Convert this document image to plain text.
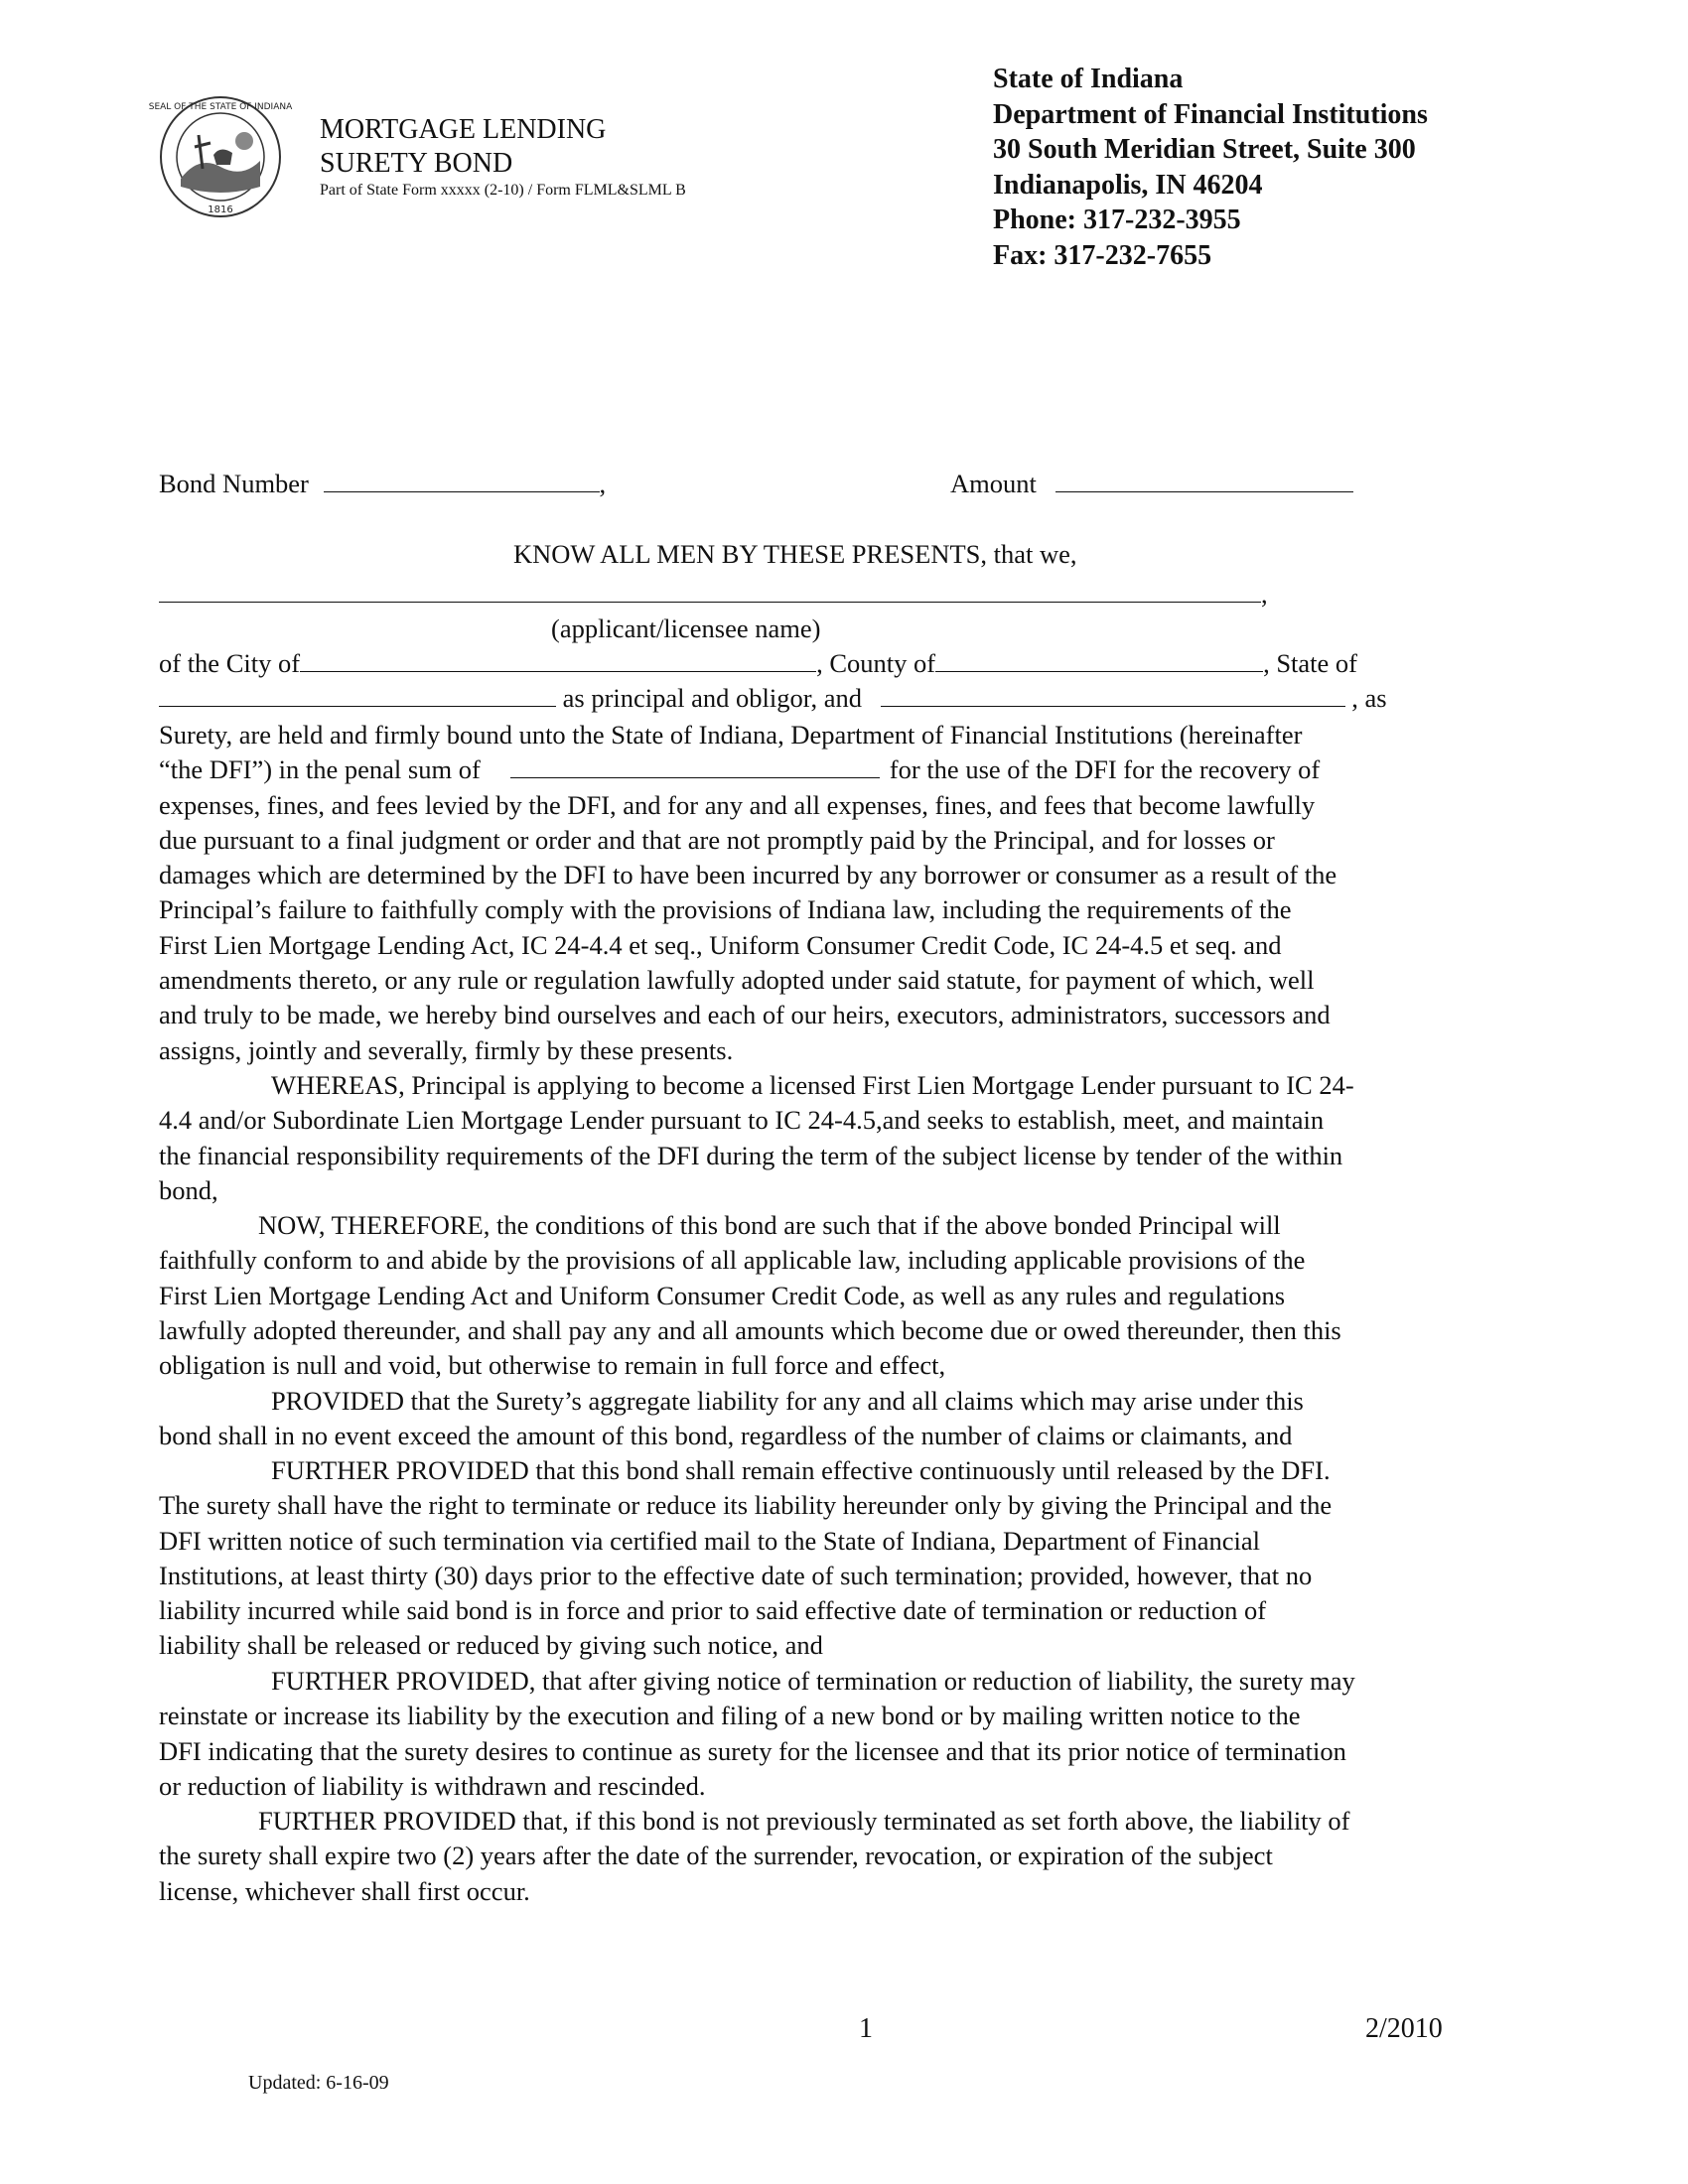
SEAL OF THE STATE OF INDIANA
1816
MORTGAGE LENDING
SURETY BOND
Part of State Form xxxxx (2-10) / Form FLML&SLML B
State of Indiana
Department of Financial Institutions
30 South Meridian Street, Suite 300
Indianapolis, IN 46204
Phone: 317-232-3955
Fax: 317-232-7655
Bond Number	,	Amount
KNOW ALL MEN BY THESE PRESENTS, that we,
,
(applicant/licensee name)
of the City of	, County of	, State of
as principal and obligor, and	, as
Surety, are held and firmly bound unto the State of Indiana, Department of Financial Institutions (hereinafter
“the DFI”) in the penal sum of	for the use of the DFI for the recovery of
expenses, fines, and fees levied by the DFI, and for any and all expenses, fines, and fees that become lawfully
due pursuant to a final judgment or order and that are not promptly paid by the Principal, and for losses or
damages which are determined by the DFI to have been incurred by any borrower or consumer as a result of the
Principal’s failure to faithfully comply with the provisions of Indiana law, including the requirements of the
First Lien Mortgage Lending Act, IC 24-4.4 et seq., Uniform Consumer Credit Code, IC 24-4.5 et seq. and
amendments thereto, or any rule or regulation lawfully adopted under said statute, for payment of which, well
and truly to be made, we hereby bind ourselves and each of our heirs, executors, administrators, successors and
assigns, jointly and severally, firmly by these presents.
WHEREAS, Principal is applying to become a licensed First Lien Mortgage Lender pursuant to IC 24-
4.4 and/or Subordinate Lien Mortgage Lender pursuant to IC 24-4.5,and seeks to establish, meet, and maintain
the financial responsibility requirements of the DFI during the term of the subject license by tender of the within
bond,
NOW, THEREFORE, the conditions of this bond are such that if the above bonded Principal will
faithfully conform to and abide by the provisions of all applicable law, including applicable provisions of the
First Lien Mortgage Lending Act and Uniform Consumer Credit Code, as well as any rules and regulations
lawfully adopted thereunder, and shall pay any and all amounts which become due or owed thereunder, then this
obligation is null and void, but otherwise to remain in full force and effect,
PROVIDED that the Surety’s aggregate liability for any and all claims which may arise under this
bond shall in no event exceed the amount of this bond, regardless of the number of claims or claimants, and
FURTHER PROVIDED that this bond shall remain effective continuously until released by the DFI.
The surety shall have the right to terminate or reduce its liability hereunder only by giving the Principal and the
DFI written notice of such termination via certified mail to the State of Indiana, Department of Financial
Institutions, at least thirty (30) days prior to the effective date of such termination; provided, however, that no
liability incurred while said bond is in force and prior to said effective date of termination or reduction of
liability shall be released or reduced by giving such notice, and
FURTHER PROVIDED, that after giving notice of termination or reduction of liability, the surety may
reinstate or increase its liability by the execution and filing of a new bond or by mailing written notice to the
DFI indicating that the surety desires to continue as surety for the licensee and that its prior notice of termination
or reduction of liability is withdrawn and rescinded.
FURTHER PROVIDED that, if this bond is not previously terminated as set forth above, the liability of
the surety shall expire two (2) years after the date of the surrender, revocation, or expiration of the subject
license, whichever shall first occur.
1	2/2010
Updated: 6-16-09
